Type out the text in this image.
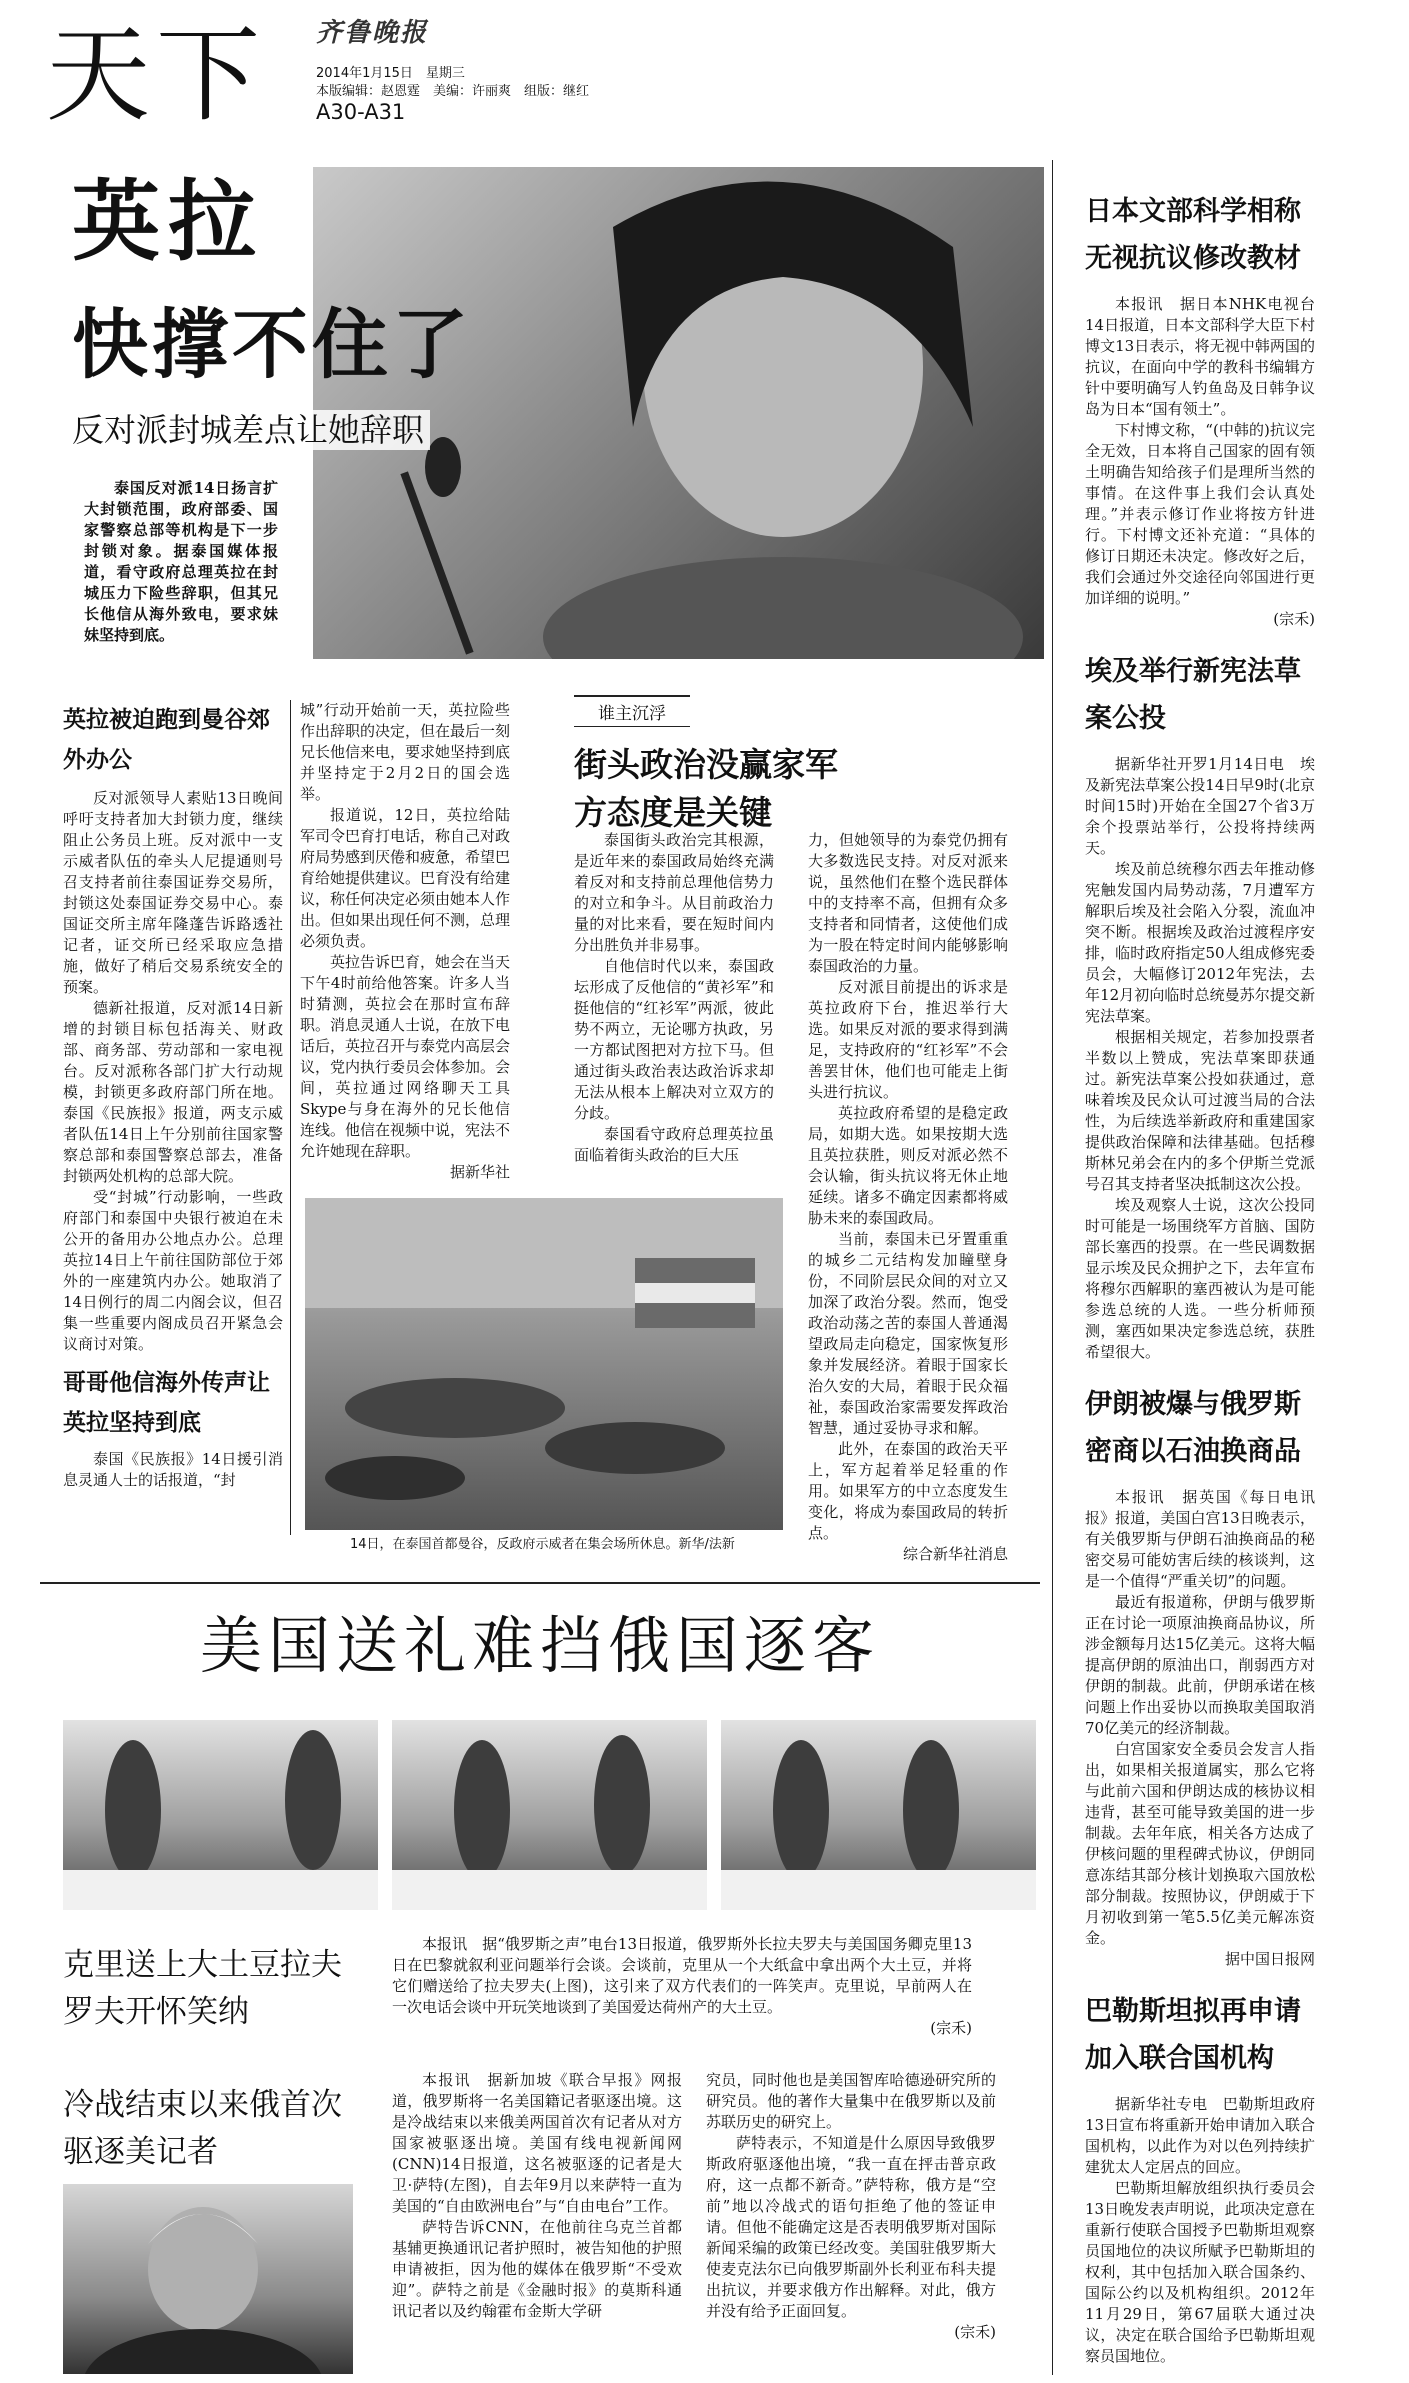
天下 齐鲁晚报
2014年1月15日　星期三
本版编辑：赵恩霆　美编：许丽爽　组版：继红
A30-A31
英拉
快撑不住了
反对派封城差点让她辞职

泰国反对派14日扬言扩大封锁范围，政府部委、国家警察总部等机构是下一步封锁对象。据泰国媒体报道，看守政府总理英拉在封城压力下险些辞职，但其兄长他信从海外致电，要求妹妹坚持到底。

英拉被迫跑到曼谷郊外办公

反对派领导人素贴13日晚间呼吁支持者加大封锁力度，继续阻止公务员上班。反对派中一支示威者队伍的牵头人尼提通则号召支持者前往泰国证券交易所，封锁这处泰国证券交易中心。泰国证交所主席年隆蓬告诉路透社记者，证交所已经采取应急措施，做好了稍后交易系统安全的预案。

德新社报道，反对派14日新增的封锁目标包括海关、财政部、商务部、劳动部和一家电视台。反对派称各部门扩大行动规模，封锁更多政府部门所在地。泰国《民族报》报道，两支示威者队伍14日上午分别前往国家警察总部和泰国警察总部去，准备封锁两处机构的总部大院。

受“封城”行动影响，一些政府部门和泰国中央银行被迫在未公开的备用办公地点办公。总理英拉14日上午前往国防部位于郊外的一座建筑内办公。她取消了14日例行的周二内阁会议，但召集一些重要内阁成员召开紧急会议商讨对策。

哥哥他信海外传声让英拉坚持到底

泰国《民族报》14日援引消息灵通人士的话报道，“封

城”行动开始前一天，英拉险些作出辞职的决定，但在最后一刻兄长他信来电，要求她坚持到底并坚持定于2月2日的国会选举。

报道说，12日，英拉给陆军司令巴育打电话，称自己对政府局势感到厌倦和疲惫，希望巴育给她提供建议。巴育没有给建议，称任何决定必须由她本人作出。但如果出现任何不测，总理必须负责。

英拉告诉巴育，她会在当天下午4时前给他答案。许多人当时猜测，英拉会在那时宣布辞职。消息灵通人士说，在放下电话后，英拉召开与泰党内高层会议，党内执行委员会体参加。会间，英拉通过网络聊天工具Skype与身在海外的兄长他信连线。他信在视频中说，宪法不允许她现在辞职。

据新华社

14日，在泰国首都曼谷，反政府示威者在集会场所休息。新华/法新
谁主沉浮
街头政治没赢家军方态度是关键

泰国街头政治完其根源，是近年来的泰国政局始终充满着反对和支持前总理他信势力的对立和争斗。从目前政治力量的对比来看，要在短时间内分出胜负并非易事。

自他信时代以来，泰国政坛形成了反他信的“黄衫军”和挺他信的“红衫军”两派，彼此势不两立，无论哪方执政，另一方都试图把对方拉下马。但通过街头政治表达政治诉求却无法从根本上解决对立双方的分歧。

泰国看守政府总理英拉虽面临着街头政治的巨大压

力，但她领导的为泰党仍拥有大多数选民支持。对反对派来说，虽然他们在整个选民群体中的支持率不高，但拥有众多支持者和同情者，这使他们成为一股在特定时间内能够影响泰国政治的力量。

反对派目前提出的诉求是英拉政府下台，推迟举行大选。如果反对派的要求得到满足，支持政府的“红衫军”不会善罢甘休，他们也可能走上街头进行抗议。

英拉政府希望的是稳定政局，如期大选。如果按期大选且英拉获胜，则反对派必然不会认输，街头抗议将无休止地延续。诸多不确定因素都将威胁未来的泰国政局。

当前，泰国未已牙置重重的城乡二元结构发加瞳壁身份，不同阶层民众间的对立又加深了政治分裂。然而，饱受政治动荡之苦的泰国人普通渴望政局走向稳定，国家恢复形象并发展经济。着眼于国家长治久安的大局，着眼于民众福祉，泰国政治家需要发挥政治智慧，通过妥协寻求和解。

此外，在泰国的政治天平上，军方起着举足轻重的作用。如果军方的中立态度发生变化，将成为泰国政局的转折点。

综合新华社消息

日本文部科学相称无视抗议修改教材

本报讯　据日本NHK电视台14日报道，日本文部科学大臣下村博文13日表示，将无视中韩两国的抗议，在面向中学的教科书编辑方针中要明确写人钓鱼岛及日韩争议岛为日本“国有领土”。

下村博文称，“(中韩的)抗议完全无效，日本将自己国家的固有领土明确告知给孩子们是理所当然的事情。在这件事上我们会认真处理。”并表示修订作业将按方针进行。下村博文还补充道：“具体的修订日期还未决定。修改好之后，我们会通过外交途径向邻国进行更加详细的说明。”

(宗禾)

埃及举行新宪法草案公投

据新华社开罗1月14日电　埃及新宪法草案公投14日早9时(北京时间15时)开始在全国27个省3万余个投票站举行，公投将持续两天。

埃及前总统穆尔西去年推动修宪触发国内局势动荡，7月遭军方解职后埃及社会陷入分裂，流血冲突不断。根据埃及政治过渡程序安排，临时政府指定50人组成修宪委员会，大幅修订2012年宪法，去年12月初向临时总统曼苏尔提交新宪法草案。

根据相关规定，若参加投票者半数以上赞成，宪法草案即获通过。新宪法草案公投如获通过，意味着埃及民众认可过渡当局的合法性，为后续选举新政府和重建国家提供政治保障和法律基础。包括穆斯林兄弟会在内的多个伊斯兰党派号召其支持者坚决抵制这次公投。

埃及观察人士说，这次公投同时可能是一场围绕军方首脑、国防部长塞西的投票。在一些民调数据显示埃及民众拥护之下，去年宣布将穆尔西解职的塞西被认为是可能参选总统的人选。一些分析师预测，塞西如果决定参选总统，获胜希望很大。

伊朗被爆与俄罗斯密商以石油换商品

本报讯　据英国《每日电讯报》报道，美国白宫13日晚表示，有关俄罗斯与伊朗石油换商品的秘密交易可能妨害后续的核谈判，这是一个值得“严重关切”的问题。

最近有报道称，伊朗与俄罗斯正在讨论一项原油换商品协议，所涉金额每月达15亿美元。这将大幅提高伊朗的原油出口，削弱西方对伊朗的制裁。此前，伊朗承诺在核问题上作出妥协以而换取美国取消70亿美元的经济制裁。

白宫国家安全委员会发言人指出，如果相关报道属实，那么它将与此前六国和伊朗达成的核协议相违背，甚至可能导致美国的进一步制裁。去年年底，相关各方达成了伊核问题的里程碑式协议，伊朗同意冻结其部分核计划换取六国放松部分制裁。按照协议，伊朗威于下月初收到第一笔5.5亿美元解冻资金。

据中国日报网

巴勒斯坦拟再申请加入联合国机构

据新华社专电　巴勒斯坦政府13日宣布将重新开始申请加入联合国机构，以此作为对以色列持续扩建犹太人定居点的回应。

巴勒斯坦解放组织执行委员会13日晚发表声明说，此项决定意在重新行使联合国授予巴勒斯坦观察员国地位的决议所赋予巴勒斯坦的权利，其中包括加入联合国条约、国际公约以及机构组织。2012年11月29日，第67届联大通过决议，决定在联合国给予巴勒斯坦观察员国地位。

美国送礼难挡俄国逐客
克里送上大土豆拉夫罗夫开怀笑纳

本报讯　据“俄罗斯之声”电台13日报道，俄罗斯外长拉夫罗夫与美国国务卿克里13日在巴黎就叙利亚问题举行会谈。会谈前，克里从一个大纸盒中拿出两个大土豆，并将它们赠送给了拉夫罗夫(上图)，这引来了双方代表们的一阵笑声。克里说，早前两人在一次电话会谈中开玩笑地谈到了美国爱达荷州产的大土豆。

(宗禾)

冷战结束以来俄首次驱逐美记者

本报讯　据新加坡《联合早报》网报道，俄罗斯将一名美国籍记者驱逐出境。这是冷战结束以来俄美两国首次有记者从对方国家被驱逐出境。美国有线电视新闻网(CNN)14日报道，这名被驱逐的记者是大卫·萨特(左图)，自去年9月以来萨特一直为美国的“自由欧洲电台”与“自由电台”工作。

萨特告诉CNN，在他前往乌克兰首都基辅更换通讯记者护照时，被告知他的护照申请被拒，因为他的媒体在俄罗斯“不受欢迎”。萨特之前是《金融时报》的莫斯科通讯记者以及约翰霍布金斯大学研

究员，同时他也是美国智库哈德逊研究所的研究员。他的著作大量集中在俄罗斯以及前苏联历史的研究上。

萨特表示，不知道是什么原因导致俄罗斯政府驱逐他出境，“我一直在抨击普京政府，这一点都不新奇。”萨特称，俄方是“空前”地以冷战式的语句拒绝了他的签证申请。但他不能确定这是否表明俄罗斯对国际新闻采编的政策已经改变。美国驻俄罗斯大使麦克法尔已向俄罗斯副外长利亚布科夫提出抗议，并要求俄方作出解释。对此，俄方并没有给予正面回复。

(宗禾)
